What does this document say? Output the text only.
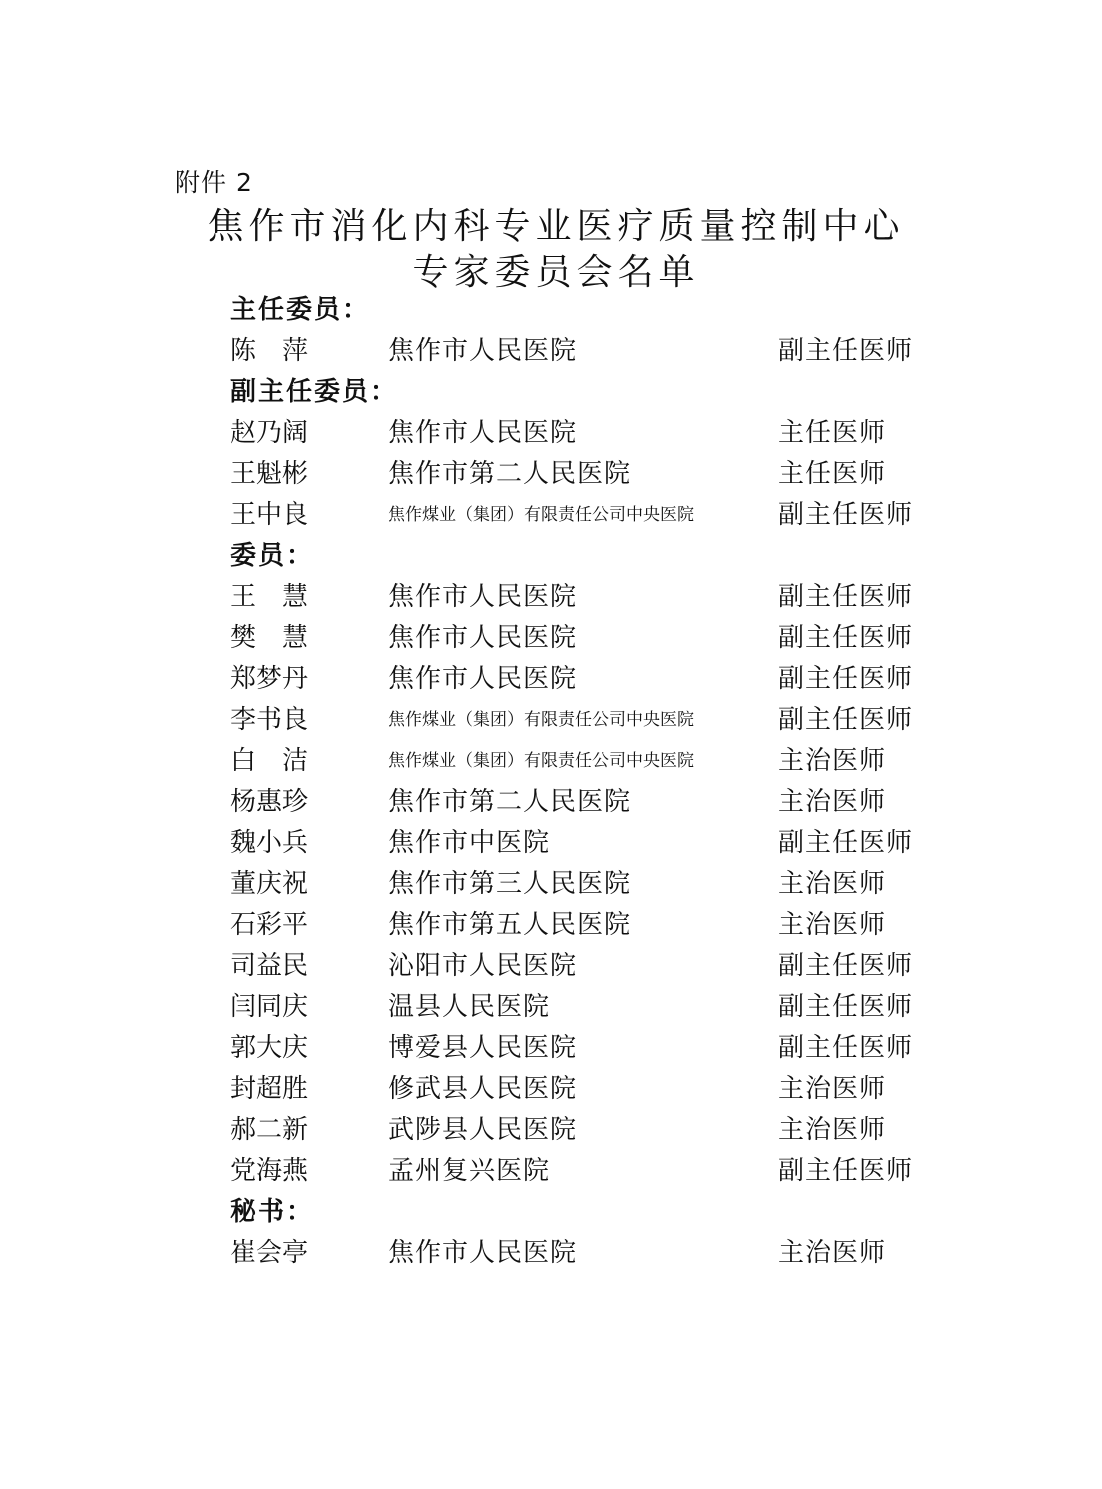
附件 2
焦作市消化内科专业医疗质量控制中心
专家委员会名单
主任委员：
陈　萍	焦作市人民医院	副主任医师
副主任委员：
赵乃阔	焦作市人民医院	主任医师
王魁彬	焦作市第二人民医院	主任医师
王中良	焦作煤业（集团）有限责任公司中央医院	副主任医师
委员：
王　慧	焦作市人民医院	副主任医师
樊　慧	焦作市人民医院	副主任医师
郑梦丹	焦作市人民医院	副主任医师
李书良	焦作煤业（集团）有限责任公司中央医院	副主任医师
白　洁	焦作煤业（集团）有限责任公司中央医院	主治医师
杨惠珍	焦作市第二人民医院	主治医师
魏小兵	焦作市中医院	副主任医师
董庆祝	焦作市第三人民医院	主治医师
石彩平	焦作市第五人民医院	主治医师
司益民	沁阳市人民医院	副主任医师
闫同庆	温县人民医院	副主任医师
郭大庆	博爱县人民医院	副主任医师
封超胜	修武县人民医院	主治医师
郝二新	武陟县人民医院	主治医师
党海燕	孟州复兴医院	副主任医师
秘书：
崔会亭	焦作市人民医院	主治医师
